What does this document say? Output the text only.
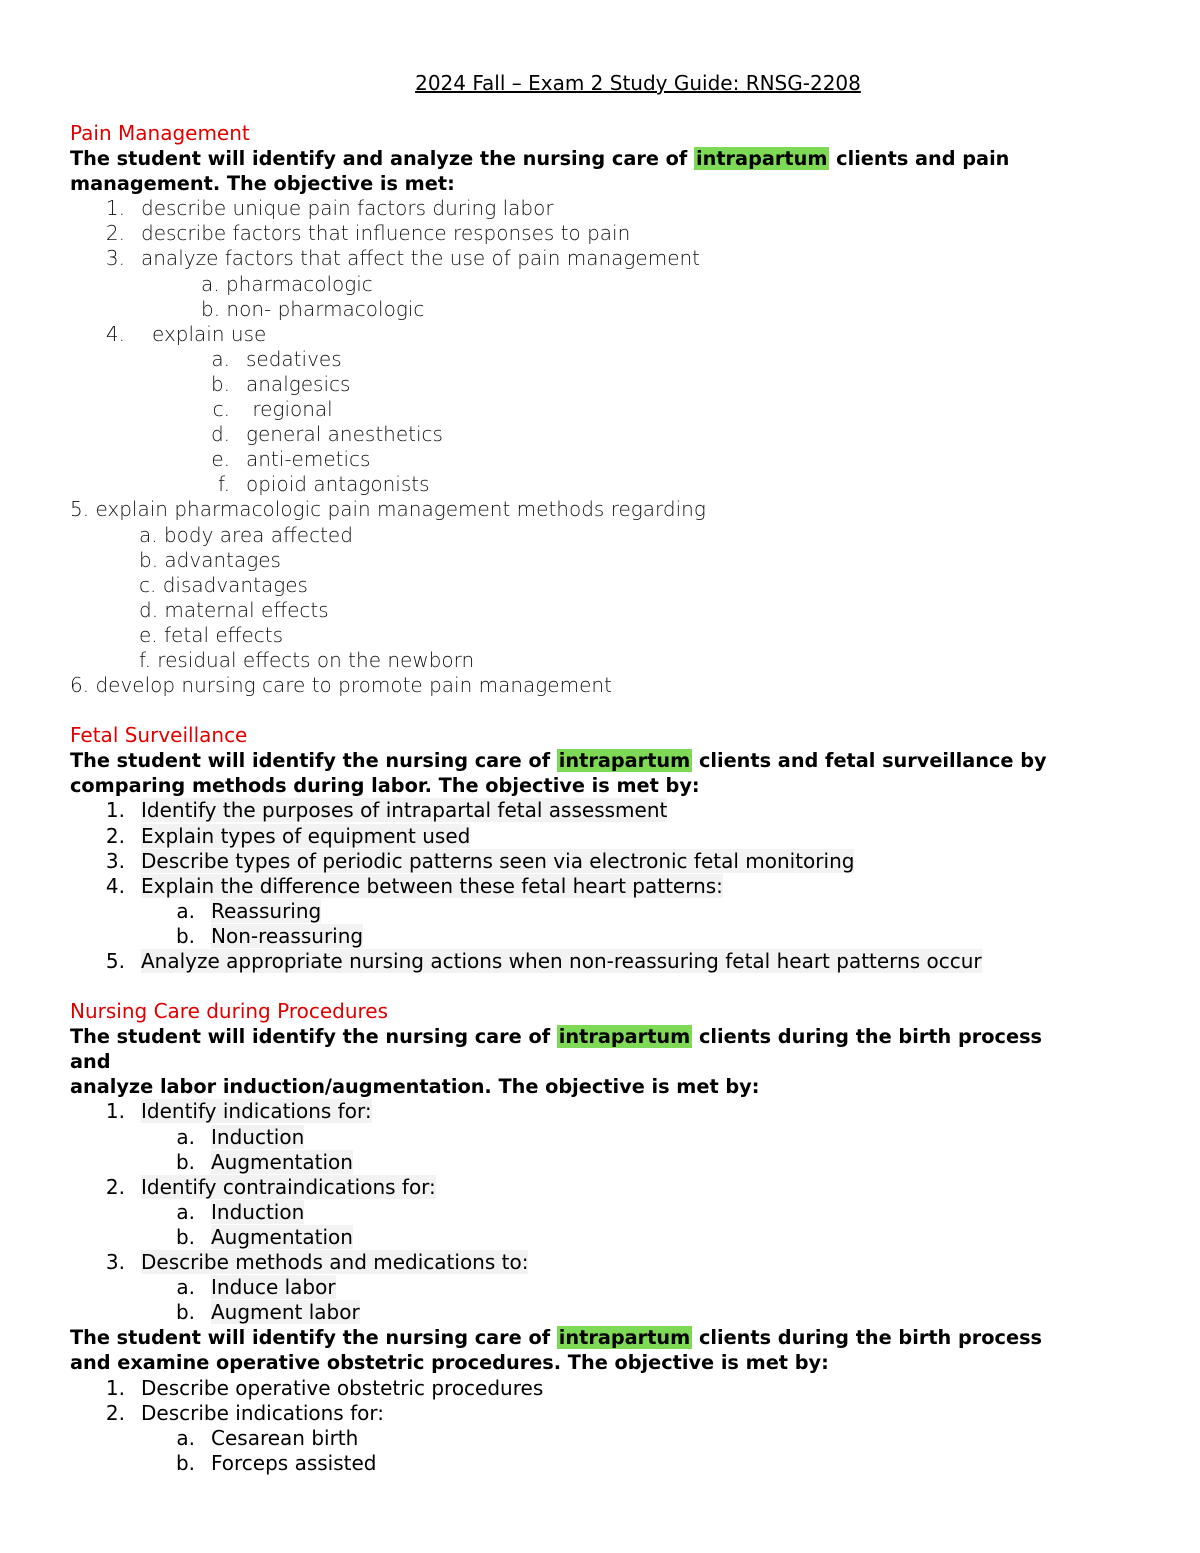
2024 Fall – Exam 2 Study Guide: RNSG-2208
Pain Management
The student will identify and analyze the nursing care of intrapartum clients and pain
management. The objective is met:
1. describe unique pain factors during labor
2. describe factors that influence responses to pain
3. analyze factors that affect the use of pain management
a. pharmacologic
b. non- pharmacologic
4. explain use
a. sedatives
b. analgesics
c. regional
d. general anesthetics
e. anti-emetics
f. opioid antagonists
5. explain pharmacologic pain management methods regarding
a. body area affected
b. advantages
c. disadvantages
d. maternal effects
e. fetal effects
f. residual effects on the newborn
6. develop nursing care to promote pain management
Fetal Surveillance
The student will identify the nursing care of intrapartum clients and fetal surveillance by
comparing methods during labor. The objective is met by:
1. Identify the purposes of intrapartal fetal assessment
2. Explain types of equipment used
3. Describe types of periodic patterns seen via electronic fetal monitoring
4. Explain the difference between these fetal heart patterns:
a. Reassuring
b. Non-reassuring
5. Analyze appropriate nursing actions when non-reassuring fetal heart patterns occur
Nursing Care during Procedures
The student will identify the nursing care of intrapartum clients during the birth process
and
analyze labor induction/augmentation. The objective is met by:
1. Identify indications for:
a. Induction
b. Augmentation
2. Identify contraindications for:
a. Induction
b. Augmentation
3. Describe methods and medications to:
a. Induce labor
b. Augment labor
The student will identify the nursing care of intrapartum clients during the birth process
and examine operative obstetric procedures. The objective is met by:
1. Describe operative obstetric procedures
2. Describe indications for:
a. Cesarean birth
b. Forceps assisted
